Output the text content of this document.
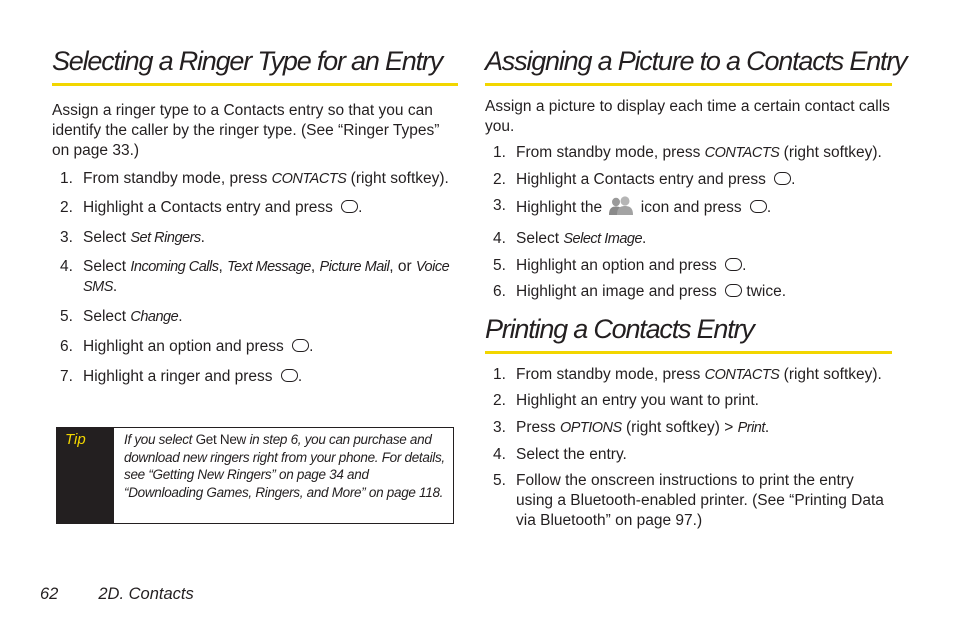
Selecting a Ringer Type for an Entry

Assign a ringer type to a Contacts entry so that you can identify the caller by the ringer type. (See “Ringer Types” on page 33.)

1. From standby mode, press CONTACTS (right softkey).
2. Highlight a Contacts entry and press .
3. Select Set Ringers.
4. Select Incoming Calls, Text Message, Picture Mail, or Voice SMS.
5. Select Change.
6. Highlight an option and press .
7. Highlight a ringer and press .
Tip	If you select Get New in step 6, you can purchase and download new ringers right from your phone. For details, see “Getting New Ringers” on page 34 and “Downloading Games, Ringers, and More” on page 118.
Assigning a Picture to a Contacts Entry

Assign a picture to display each time a certain contact calls you.

1. From standby mode, press CONTACTS (right softkey).
2. Highlight a Contacts entry and press .
3. Highlight the  icon and press .
4. Select Select Image.
5. Highlight an option and press .
6. Highlight an image and press  twice.
Printing a Contacts Entry
1. From standby mode, press CONTACTS (right softkey).
2. Highlight an entry you want to print.
3. Press OPTIONS (right softkey) > Print.
4. Select the entry.
5. Follow the onscreen instructions to print the entry using a Bluetooth-enabled printer. (See “Printing Data via Bluetooth” on page 97.)
62 2D. Contacts
